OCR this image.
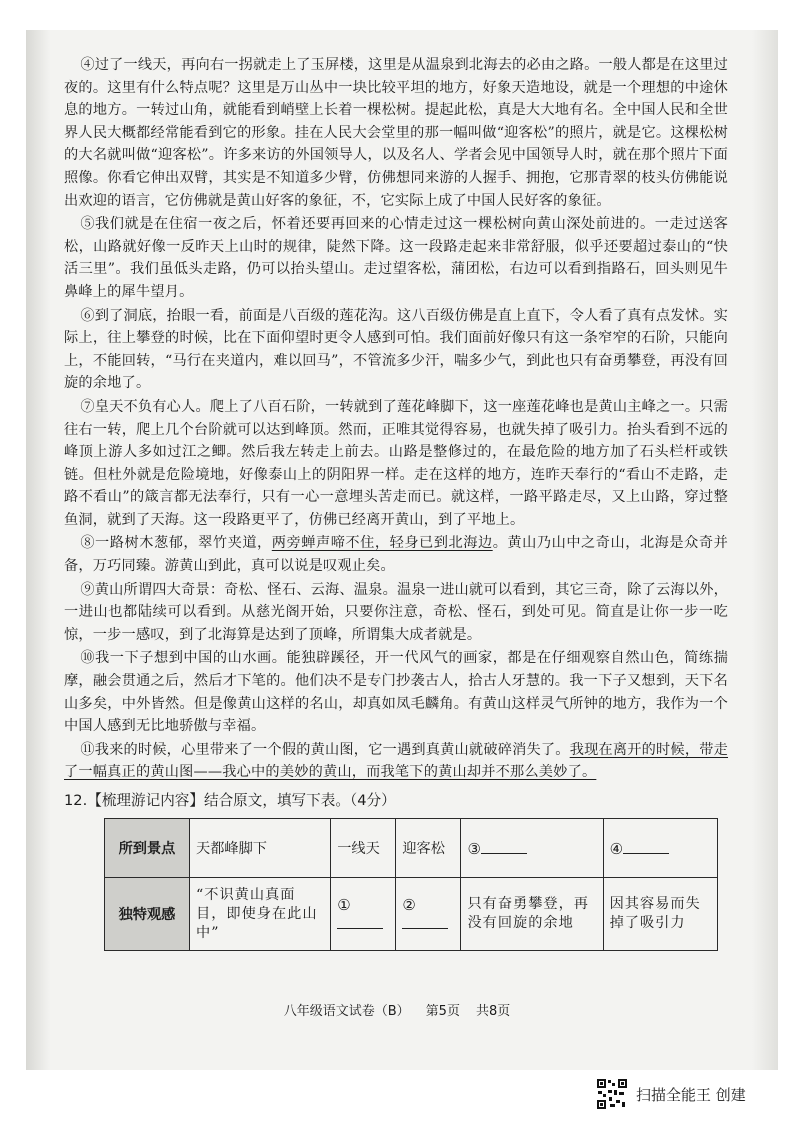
④过了一线天，再向右一拐就走上了玉屏楼，这里是从温泉到北海去的必由之路。一般人都是在这里过夜的。这里有什么特点呢？这里是万山丛中一块比较平坦的地方，好象天造地设，就是一个理想的中途休息的地方。一转过山角，就能看到峭壁上长着一棵松树。提起此松，真是大大地有名。全中国人民和全世界人民大概都经常能看到它的形象。挂在人民大会堂里的那一幅叫做“迎客松”的照片，就是它。这棵松树的大名就叫做“迎客松”。许多来访的外国领导人，以及名人、学者会见中国领导人时，就在那个照片下面照像。你看它伸出双臂，其实是不知道多少臂，仿佛想同来游的人握手、拥抱，它那青翠的枝头仿佛能说出欢迎的语言，它仿佛就是黄山好客的象征，不，它实际上成了中国人民好客的象征。

⑤我们就是在住宿一夜之后，怀着还要再回来的心情走过这一棵松树向黄山深处前进的。一走过送客松，山路就好像一反昨天上山时的规律，陡然下降。这一段路走起来非常舒服，似乎还要超过泰山的“快活三里”。我们虽低头走路，仍可以抬头望山。走过望客松，蒲团松，右边可以看到指路石，回头则见牛鼻峰上的犀牛望月。

⑥到了洞底，抬眼一看，前面是八百级的莲花沟。这八百级仿佛是直上直下，令人看了真有点发怵。实际上，往上攀登的时候，比在下面仰望时更令人感到可怕。我们面前好像只有这一条窄窄的石阶，只能向上，不能回转，“马行在夹道内，难以回马”，不管流多少汗，喘多少气，到此也只有奋勇攀登，再没有回旋的余地了。

⑦皇天不负有心人。爬上了八百石阶，一转就到了莲花峰脚下，这一座莲花峰也是黄山主峰之一。只需往右一转，爬上几个台阶就可以达到峰顶。然而，正唯其觉得容易，也就失掉了吸引力。抬头看到不远的峰顶上游人多如过江之鲫。然后我左转走上前去。山路是整修过的，在最危险的地方加了石头栏杆或铁链。但杜外就是危险境地，好像泰山上的阴阳界一样。走在这样的地方，连昨天奉行的“看山不走路，走路不看山”的箴言都无法奉行，只有一心一意埋头苦走而已。就这样，一路平路走尽，又上山路，穿过整鱼洞，就到了天海。这一段路更平了，仿佛已经离开黄山，到了平地上。

⑧一路树木葱郁，翠竹夹道，两旁蝉声啼不住，轻身已到北海边。黄山乃山中之奇山，北海是众奇并备，万巧同臻。游黄山到此，真可以说是叹观止矣。

⑨黄山所谓四大奇景：奇松、怪石、云海、温泉。温泉一进山就可以看到，其它三奇，除了云海以外，一进山也都陆续可以看到。从慈光阁开始，只要你注意，奇松、怪石，到处可见。简直是让你一步一吃惊，一步一感叹，到了北海算是达到了顶峰，所谓集大成者就是。

⑩我一下子想到中国的山水画。能独辟蹊径，开一代风气的画家，都是在仔细观察自然山色，简练揣摩，融会贯通之后，然后才下笔的。他们决不是专门抄袭古人，拾古人牙慧的。我一下子又想到，天下名山多矣，中外皆然。但是像黄山这样的名山，却真如凤毛麟角。有黄山这样灵气所钟的地方，我作为一个中国人感到无比地骄傲与幸福。

⑪我来的时候，心里带来了一个假的黄山图，它一遇到真黄山就破碎消失了。我现在离开的时候，带走了一幅真正的黄山图——我心中的美妙的黄山，而我笔下的黄山却并不那么美妙了。

12.【梳理游记内容】结合原文，填写下表。（4分）
所到景点	天都峰脚下	一线天	迎客松	③	④
独特观感	“不识黄山真面目，即使身在此山中”	①	②	只有奋勇攀登，再没有回旋的余地	因其容易而失掉了吸引力
八年级语文试卷（B） 第5页 共8页
扫描全能王 创建
